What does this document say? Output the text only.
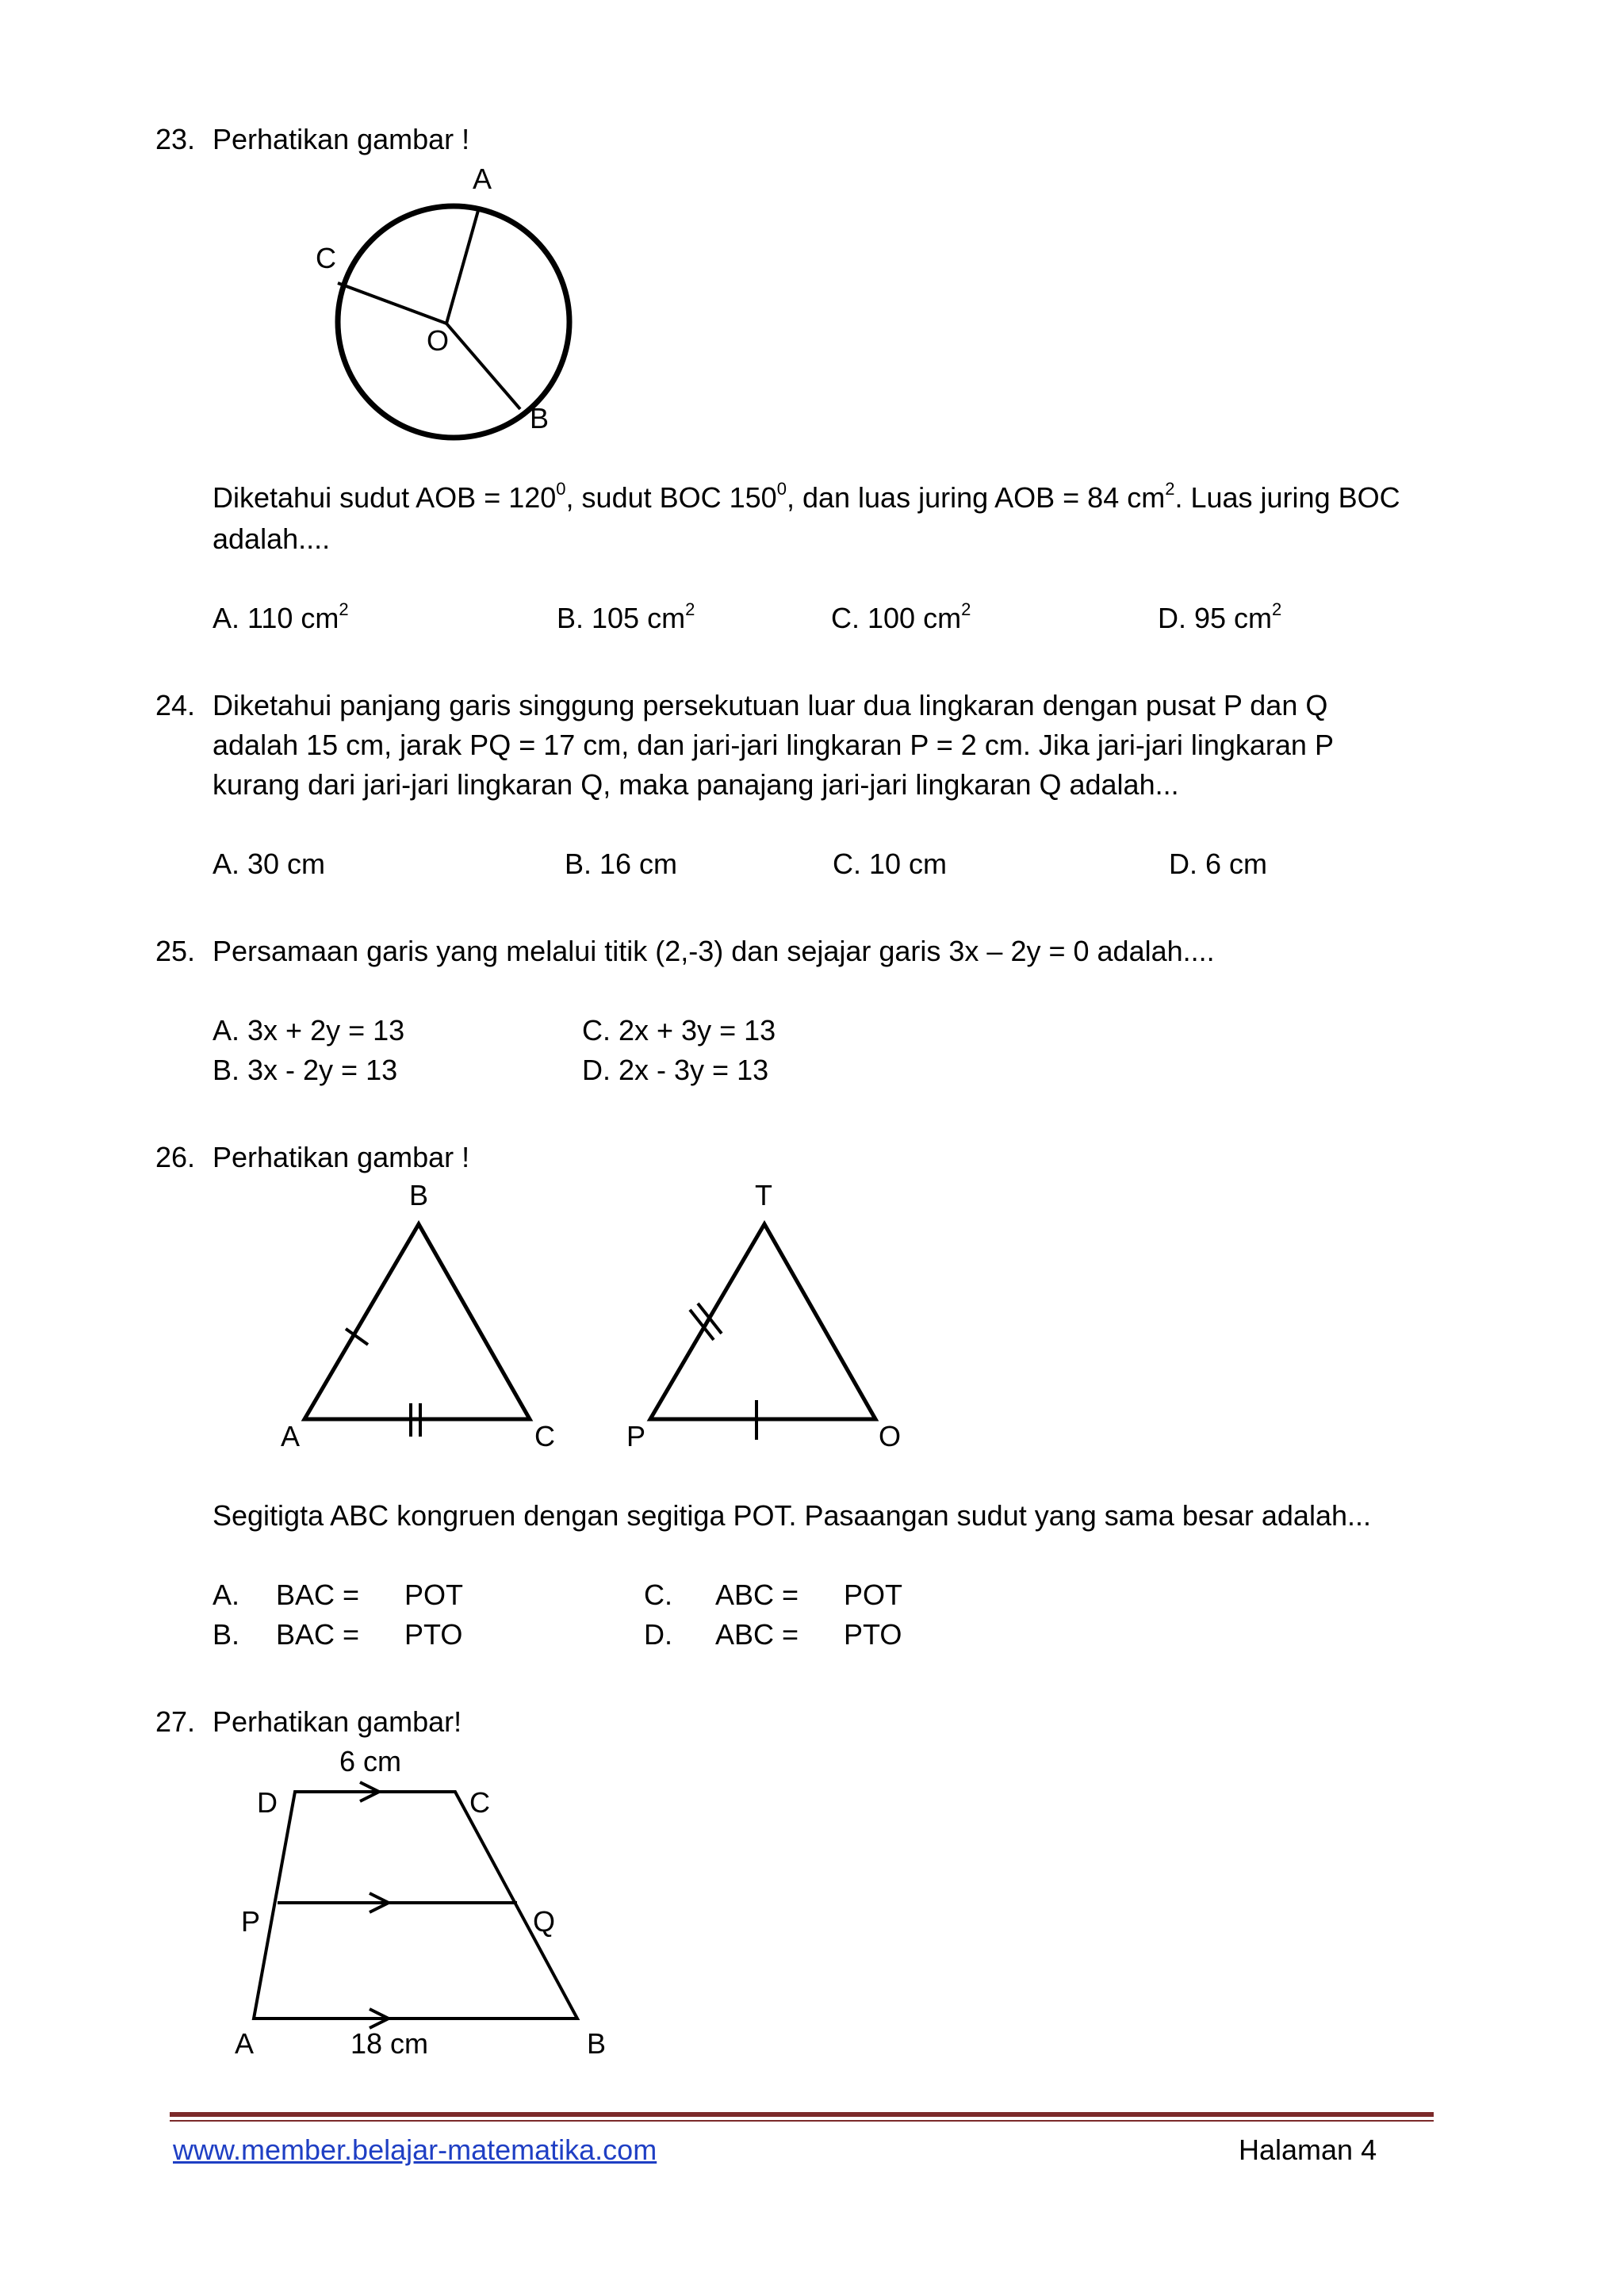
23. Perhatikan gambar !
A
C
O
B
Diketahui sudut AOB = $120^0$, sudut BOC $150^0$, dan luas juring AOB = 84 $cm^2$. Luas juring BOC
adalah....
A. 110 $cm^2$	B. 105 $cm^2$	C. 100 $cm^2$	D. 95 $cm^2$
24. Diketahui panjang garis singgung persekutuan luar dua lingkaran dengan pusat P dan Q
adalah 15 cm, jarak PQ = 17 cm, dan jari-jari lingkaran P = 2 cm. Jika jari-jari lingkaran P
kurang dari jari-jari lingkaran Q, maka panajang jari-jari lingkaran Q adalah...
A. 30 cm	B. 16 cm	C. 10 cm	D. 6 cm
25. Persamaan garis yang melalui titik (2,-3) dan sejajar garis 3x – 2y = 0 adalah....
A. 3x + 2y = 13
B. 3x - 2y = 13
C. 2x + 3y = 13
D. 2x - 3y = 13
26. Perhatikan gambar !
B
A	C
T
P	O
Segitigta ABC kongruen dengan segitiga POT. Pasaangan sudut yang sama besar adalah...
A. BAC = POT
B. BAC = PTO
C. ABC = POT
D. ABC = PTO
27. Perhatikan gambar!
6 cm
D	C
P	Q
A	18 cm	B
www.member.belajar-matematika.com	Halaman 4
